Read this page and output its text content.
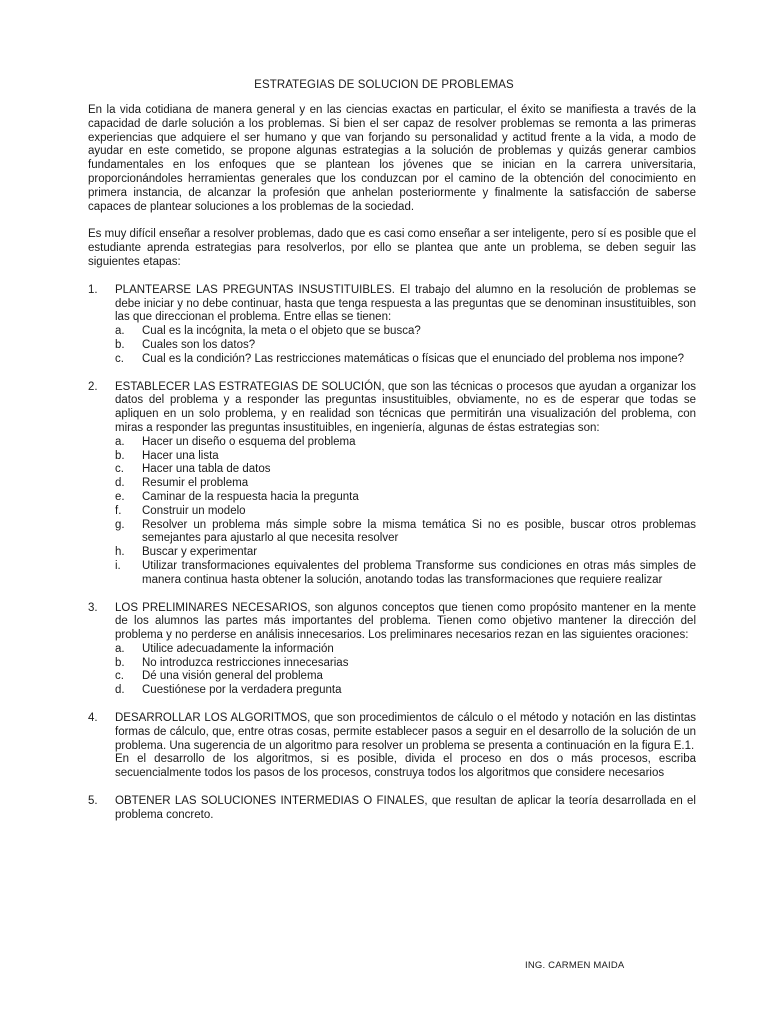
ESTRATEGIAS DE SOLUCION DE PROBLEMAS

En la vida cotidiana de manera general y en las ciencias exactas en particular, el éxito se manifiesta a través de la capacidad de darle solución a los problemas. Si bien el ser capaz de resolver problemas se remonta a las primeras experiencias que adquiere el ser humano y que van forjando su personalidad y actitud frente a la vida, a modo de ayudar en este cometido, se propone algunas estrategias a la solución de problemas y quizás generar cambios fundamentales en los enfoques que se plantean los jóvenes que se inician en la carrera universitaria, proporcionándoles herramientas generales que los conduzcan por el camino de la obtención del conocimiento en primera instancia, de alcanzar la profesión que anhelan posteriormente y finalmente la satisfacción de saberse capaces de plantear soluciones a los problemas de la sociedad.

Es muy difícil enseñar a resolver problemas, dado que es casi como enseñar a ser inteligente, pero sí es posible que el estudiante aprenda estrategias para resolverlos, por ello se plantea que ante un problema, se deben seguir las siguientes etapas:

1.	PLANTEARSE LAS PREGUNTAS INSUSTITUIBLES. El trabajo del alumno en la resolución de problemas se debe iniciar y no debe continuar, hasta que tenga respuesta a las preguntas que se denominan insustituibles, son las que direccionan el problema. Entre ellas se tienen:
a.	Cual es la incógnita, la meta o el objeto que se busca?
b.	Cuales son los datos?
c.	Cual es la condición? Las restricciones matemáticas o físicas que el enunciado del problema nos impone?
2.	ESTABLECER LAS ESTRATEGIAS DE SOLUCIÓN, que son las técnicas o procesos que ayudan a organizar los datos del problema y a responder las preguntas insustituibles, obviamente, no es de esperar que todas se apliquen en un solo problema, y en realidad son técnicas que permitirán una visualización del problema, con miras a responder las preguntas insustituibles, en ingeniería, algunas de éstas estrategias son:
a.	Hacer un diseño o esquema del problema
b.	Hacer una lista
c.	Hacer una tabla de datos
d.	Resumir el problema
e.	Caminar de la respuesta hacia la pregunta
f.	Construir un modelo
g.	Resolver un problema más simple sobre la misma temática Si no es posible, buscar otros problemas semejantes para ajustarlo al que necesita resolver
h.	Buscar y experimentar
i.	Utilizar transformaciones equivalentes del problema Transforme sus condiciones en otras más simples de manera continua hasta obtener la solución, anotando todas las transformaciones que requiere realizar
3.	LOS PRELIMINARES NECESARIOS, son algunos conceptos que tienen como propósito mantener en la mente de los alumnos las partes más importantes del problema. Tienen como objetivo mantener la dirección del problema y no perderse en análisis innecesarios. Los preliminares necesarios rezan en las siguientes oraciones:
a.	Utilice adecuadamente la información
b.	No introduzca restricciones innecesarias
c.	Dé una visión general del problema
d.	Cuestiónese por la verdadera pregunta
4.	DESARROLLAR LOS ALGORITMOS, que son procedimientos de cálculo o el método y notación en las distintas formas de cálculo, que, entre otras cosas, permite establecer pasos a seguir en el desarrollo de la solución de un problema. Una sugerencia de un algoritmo para resolver un problema se presenta a continuación en la figura E.1.
En el desarrollo de los algoritmos, si es posible, divida el proceso en dos o más procesos, escriba secuencialmente todos los pasos de los procesos, construya todos los algoritmos que considere necesarios
5.	OBTENER LAS SOLUCIONES INTERMEDIAS O FINALES, que resultan de aplicar la teoría desarrollada en el problema concreto.
ING. CARMEN MAIDA
